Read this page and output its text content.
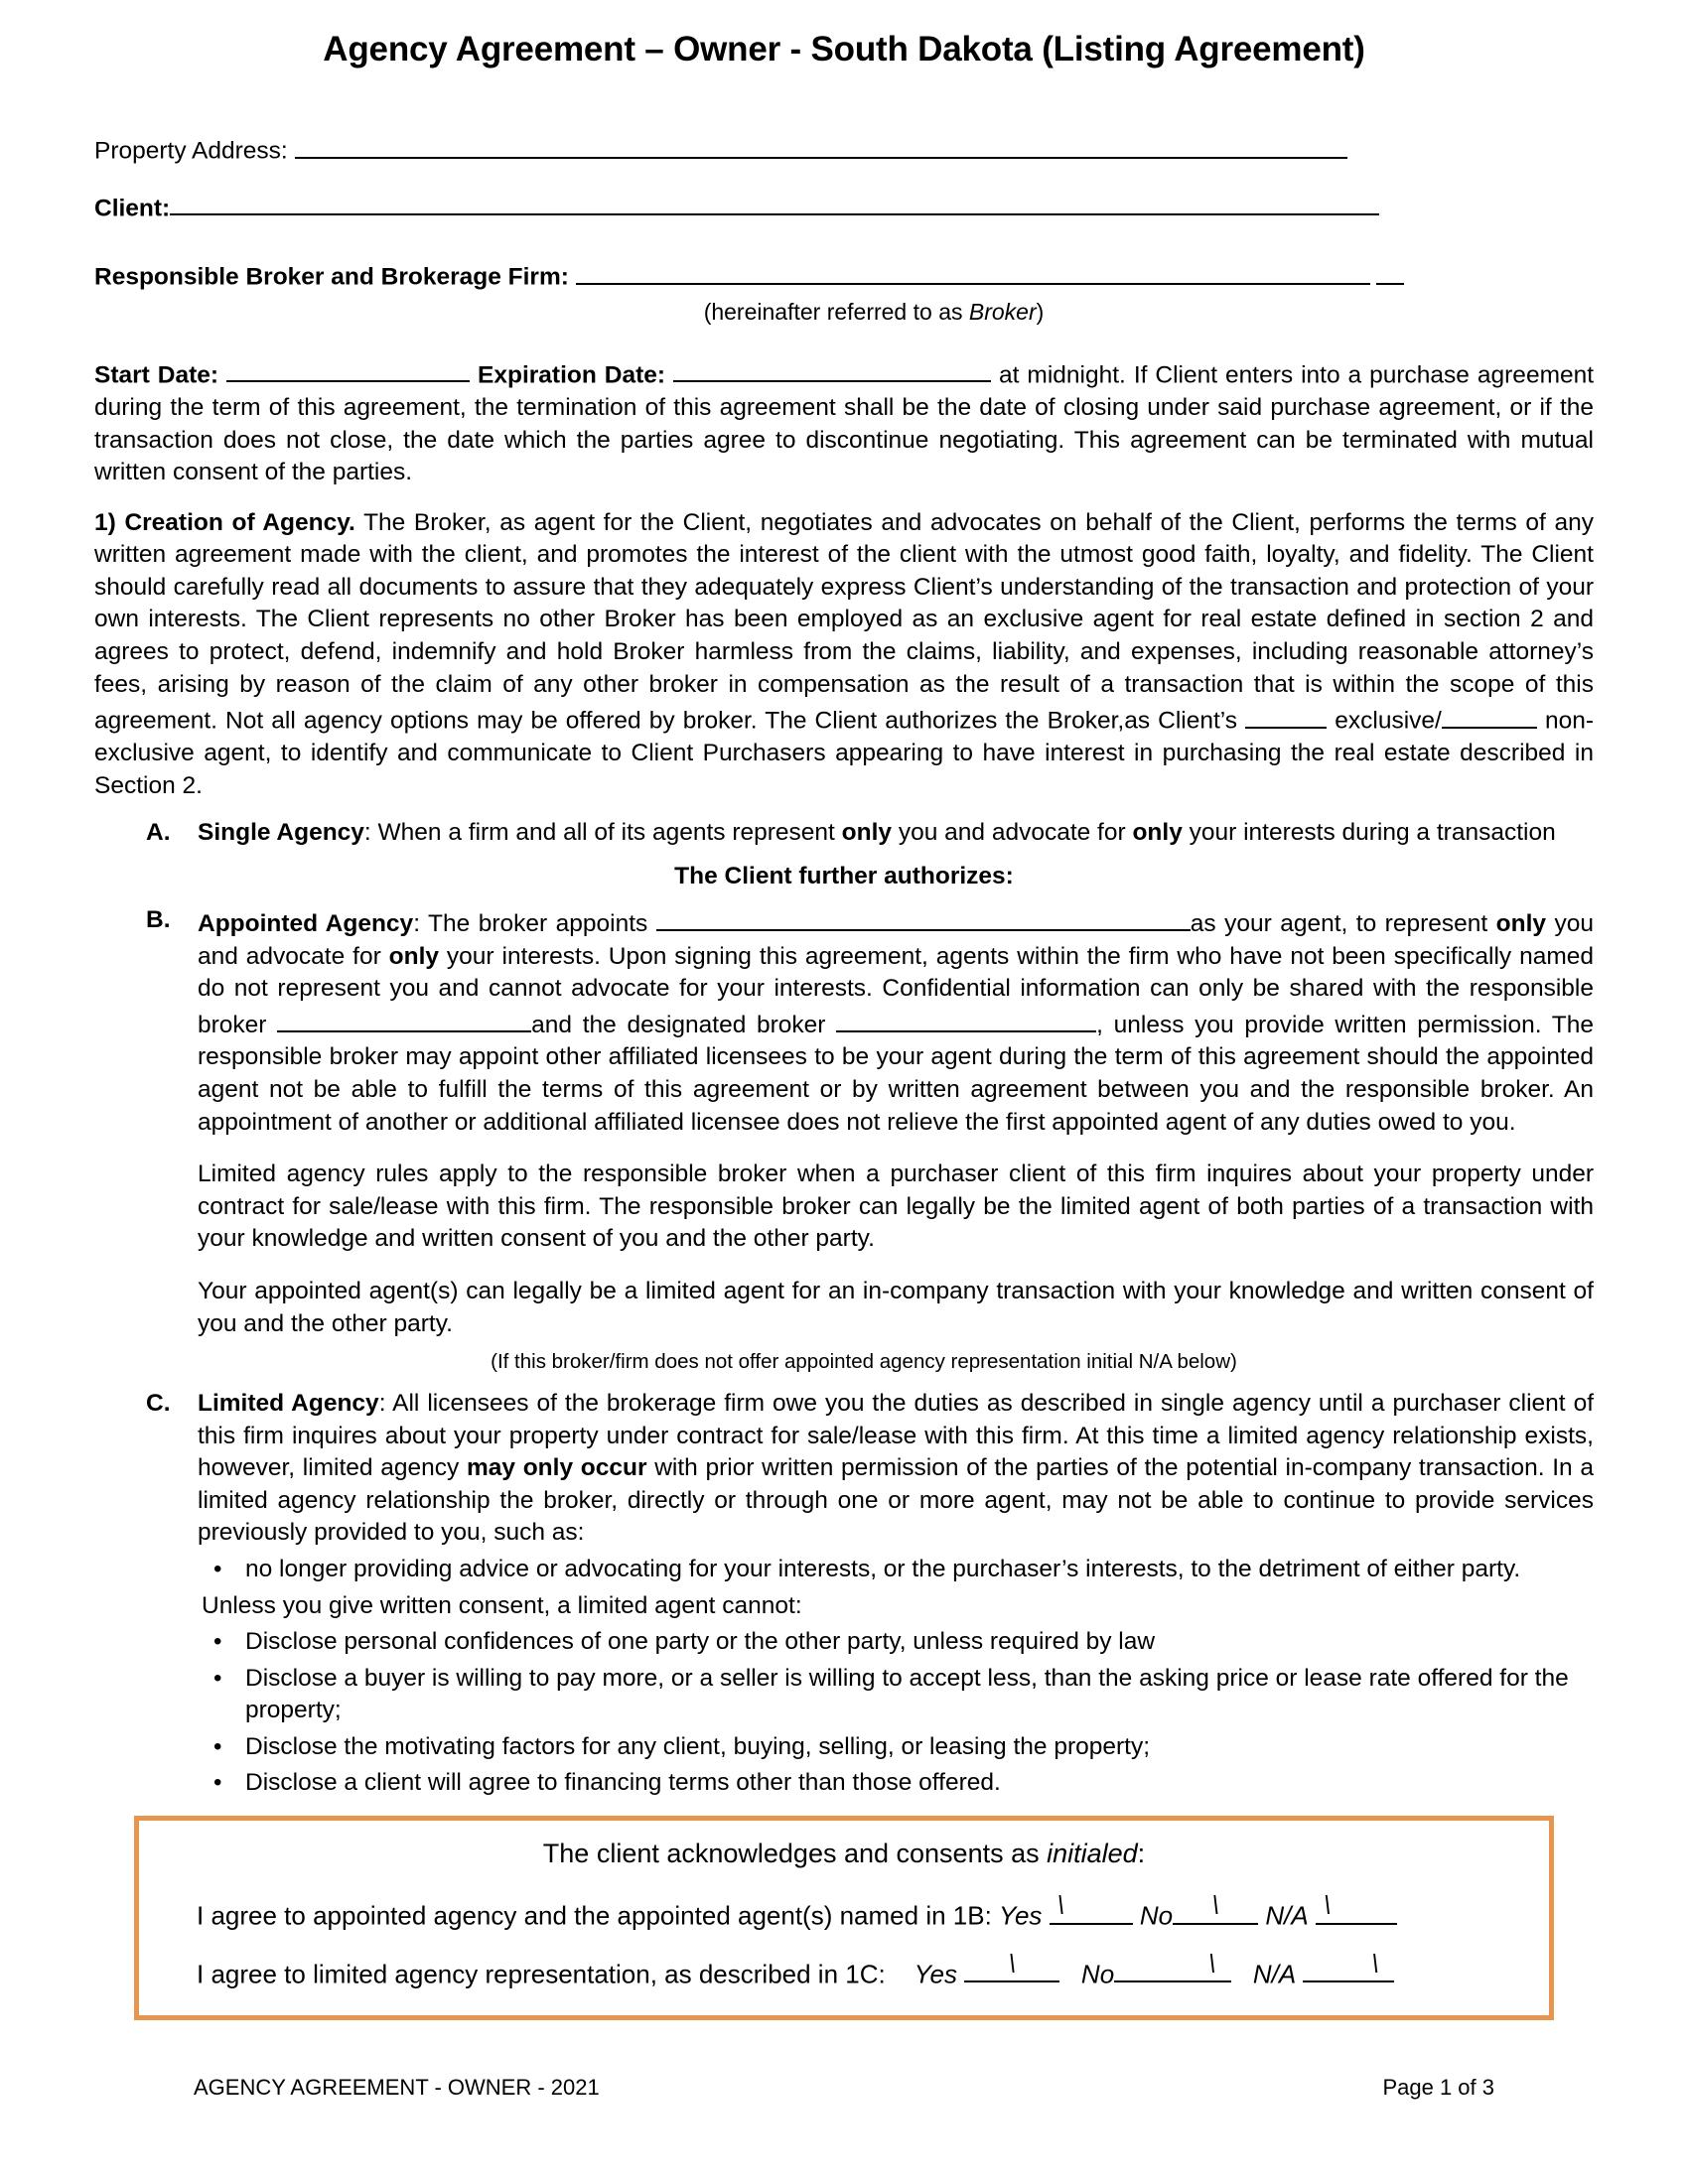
Agency Agreement – Owner - South Dakota (Listing Agreement)
Property Address:
Client:
Responsible Broker and Brokerage Firm:
(hereinafter referred to as Broker)

Start Date:	Expiration Date:	at midnight. If Client enters into a purchase agreement during the term of this agreement, the termination of this agreement shall be the date of closing under said purchase agreement, or if the transaction does not close, the date which the parties agree to discontinue negotiating. This agreement can be terminated with mutual written consent of the parties.

1) Creation of Agency. The Broker, as agent for the Client, negotiates and advocates on behalf of the Client, performs the terms of any written agreement made with the client, and promotes the interest of the client with the utmost good faith, loyalty, and fidelity. The Client should carefully read all documents to assure that they adequately express Client’s understanding of the transaction and protection of your own interests. The Client represents no other Broker has been employed as an exclusive agent for real estate defined in section 2 and agrees to protect, defend, indemnify and hold Broker harmless from the claims, liability, and expenses, including reasonable attorney’s fees, arising by reason of the claim of any other broker in compensation as the result of a transaction that is within the scope of this agreement. Not all agency options may be offered by broker. The Client authorizes the Broker,as Client’s	exclusive/	non-exclusive agent, to identify and communicate to Client Purchasers appearing to have interest in purchasing the real estate described in Section 2.

A.	Single Agency: When a firm and all of its agents represent only you and advocate for only your interests during a transaction

The Client further authorizes:
B.	Appointed Agency: The broker appoints	as your agent, to represent only you and advocate for only your interests. Upon signing this agreement, agents within the firm who have not been specifically named do not represent you and cannot advocate for your interests. Confidential information can only be shared with the responsible broker	and the designated broker	, unless you provide written permission. The responsible broker may appoint other affiliated licensees to be your agent during the term of this agreement should the appointed agent not be able to fulfill the terms of this agreement or by written agreement between you and the responsible broker. An appointment of another or additional affiliated licensee does not relieve the first appointed agent of any duties owed to you.

Limited agency rules apply to the responsible broker when a purchaser client of this firm inquires about your property under contract for sale/lease with this firm. The responsible broker can legally be the limited agent of both parties of a transaction with your knowledge and written consent of you and the other party.

Your appointed agent(s) can legally be a limited agent for an in-company transaction with your knowledge and written consent of you and the other party.

(If this broker/firm does not offer appointed agency representation initial N/A below)
C.	Limited Agency: All licensees of the brokerage firm owe you the duties as described in single agency until a purchaser client of this firm inquires about your property under contract for sale/lease with this firm. At this time a limited agency relationship exists, however, limited agency may only occur with prior written permission of the parties of the potential in-company transaction. In a limited agency relationship the broker, directly or through one or more agent, may not be able to continue to provide services previously provided to you, such as:

• no longer providing advice or advocating for your interests, or the purchaser’s interests, to the detriment of either party.
Unless you give written consent, a limited agent cannot:
• Disclose personal confidences of one party or the other party, unless required by law
• Disclose a buyer is willing to pay more, or a seller is willing to accept less, than the asking price or lease rate offered for the property;
• Disclose the motivating factors for any client, buying, selling, or leasing the property;
• Disclose a client will agree to financing terms other than those offered.
The client acknowledges and consents as initialed:
I agree to appointed agency and the appointed agent(s) named in 1B: Yes \	No \ N/A \
I agree to limited agency representation, as described in 1C: Yes \	No	\ N/A	\
AGENCY AGREEMENT - OWNER - 2021	Page 1 of 3
